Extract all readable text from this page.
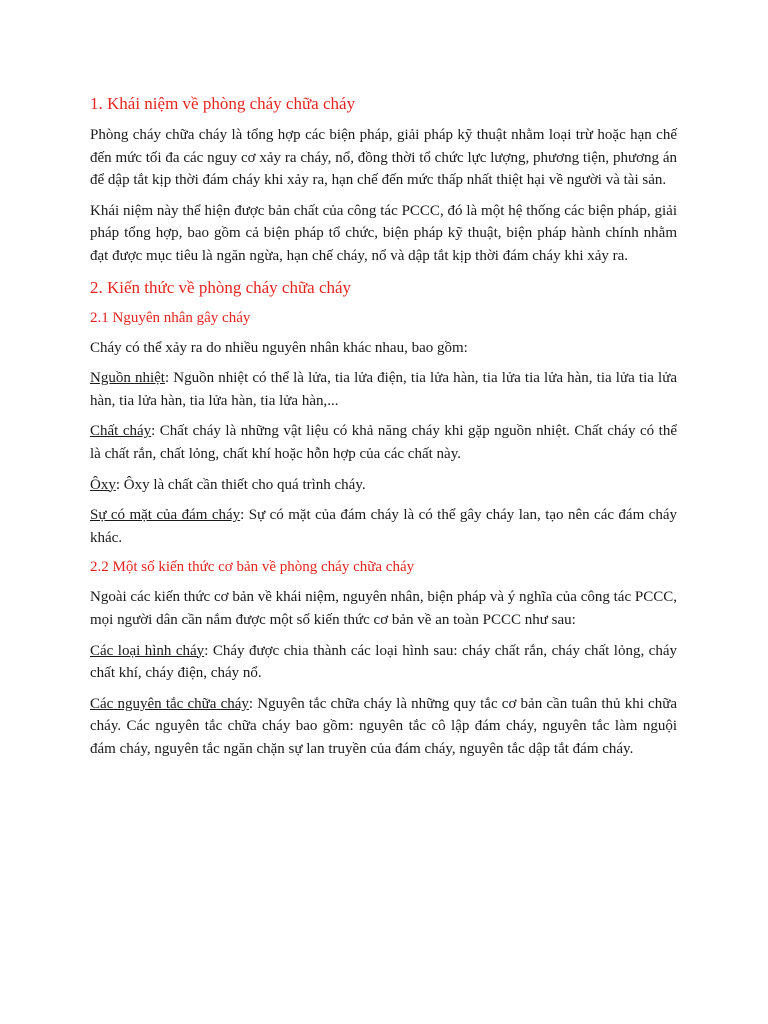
1. Khái niệm về phòng cháy chữa cháy

Phòng cháy chữa cháy là tổng hợp các biện pháp, giải pháp kỹ thuật nhằm loại trừ hoặc hạn chế đến mức tối đa các nguy cơ xảy ra cháy, nổ, đồng thời tổ chức lực lượng, phương tiện, phương án để dập tắt kịp thời đám cháy khi xảy ra, hạn chế đến mức thấp nhất thiệt hại về người và tài sản.

Khái niệm này thể hiện được bản chất của công tác PCCC, đó là một hệ thống các biện pháp, giải pháp tổng hợp, bao gồm cả biện pháp tổ chức, biện pháp kỹ thuật, biện pháp hành chính nhằm đạt được mục tiêu là ngăn ngừa, hạn chế cháy, nổ và dập tắt kịp thời đám cháy khi xảy ra.

2. Kiến thức về phòng cháy chữa cháy
2.1 Nguyên nhân gây cháy

Cháy có thể xảy ra do nhiều nguyên nhân khác nhau, bao gồm:

Nguồn nhiệt: Nguồn nhiệt có thể là lửa, tia lửa điện, tia lửa hàn, tia lửa tia lửa hàn, tia lửa tia lửa hàn, tia lửa hàn, tia lửa hàn, tia lửa hàn,...

Chất cháy: Chất cháy là những vật liệu có khả năng cháy khi gặp nguồn nhiệt. Chất cháy có thể là chất rắn, chất lỏng, chất khí hoặc hỗn hợp của các chất này.

Ôxy: Ôxy là chất cần thiết cho quá trình cháy.

Sự có mặt của đám cháy: Sự có mặt của đám cháy là có thể gây cháy lan, tạo nên các đám cháy khác.

2.2 Một số kiến thức cơ bản về phòng cháy chữa cháy

Ngoài các kiến thức cơ bản về khái niệm, nguyên nhân, biện pháp và ý nghĩa của công tác PCCC, mọi người dân cần nắm được một số kiến thức cơ bản về an toàn PCCC như sau:

Các loại hình cháy: Cháy được chia thành các loại hình sau: cháy chất rắn, cháy chất lỏng, cháy chất khí, cháy điện, cháy nổ.

Các nguyên tắc chữa cháy: Nguyên tắc chữa cháy là những quy tắc cơ bản cần tuân thủ khi chữa cháy. Các nguyên tắc chữa cháy bao gồm: nguyên tắc cô lập đám cháy, nguyên tắc làm nguội đám cháy, nguyên tắc ngăn chặn sự lan truyền của đám cháy, nguyên tắc dập tắt đám cháy.
